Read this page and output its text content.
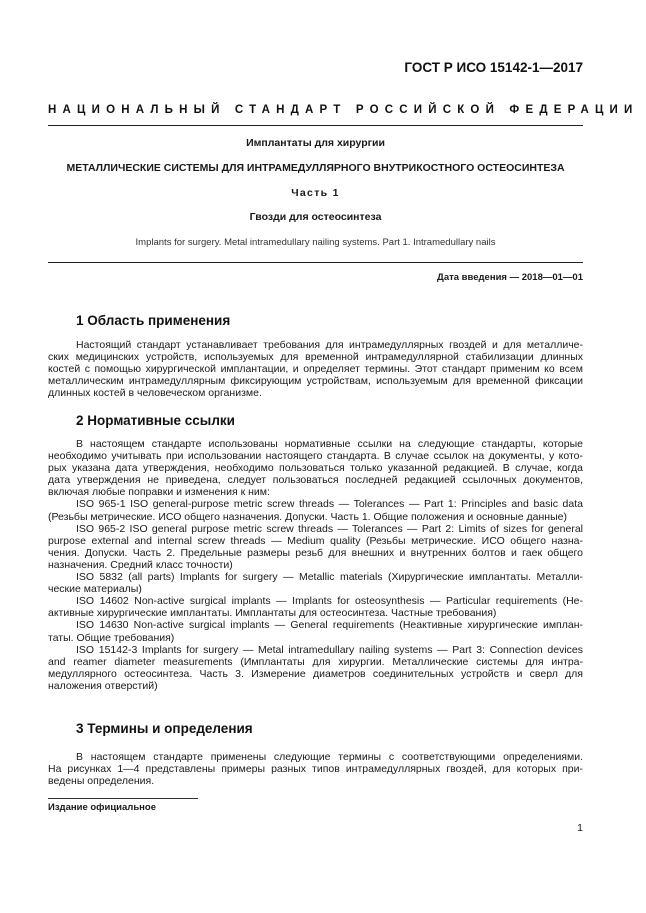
ГОСТ Р ИСО 15142-1—2017
НАЦИОНАЛЬНЫЙ СТАНДАРТ РОССИЙСКОЙ ФЕДЕРАЦИИ
Имплантаты для хирургии
МЕТАЛЛИЧЕСКИЕ СИСТЕМЫ ДЛЯ ИНТРАМЕДУЛЛЯРНОГО ВНУТРИКОСТНОГО ОСТЕОСИНТЕЗА
Часть 1
Гвозди для остеосинтеза
Implants for surgery. Metal intramedullary nailing systems. Part 1. Intramedullary nails
Дата введения — 2018—01—01
1 Область применения
Настоящий стандарт устанавливает требования для интрамедуллярных гвоздей и для металличе-
ских медицинских устройств, используемых для временной интрамедуллярной стабилизации длинных
костей с помощью хирургической имплантации, и определяет термины. Этот стандарт применим ко всем
металлическим интрамедуллярным фиксирующим устройствам, используемым для временной фиксации
длинных костей в человеческом организме.
2 Нормативные ссылки
В настоящем стандарте использованы нормативные ссылки на следующие стандарты, которые
необходимо учитывать при использовании настоящего стандарта. В случае ссылок на документы, у кото-
рых указана дата утверждения, необходимо пользоваться только указанной редакцией. В случае, когда
дата утверждения не приведена, следует пользоваться последней редакцией ссылочных документов,
включая любые поправки и изменения к ним:
ISO 965-1 ISO general-purpose metric screw threads — Tolerances — Part 1: Principles and basic data
(Резьбы метрические. ИСО общего назначения. Допуски. Часть 1. Общие положения и основные данные)
ISO 965-2 ISO general purpose metric screw threads — Tolerances — Part 2: Limits of sizes for general
purpose external and internal screw threads — Medium quality (Резьбы метрические. ИСО общего назна-
чения. Допуски. Часть 2. Предельные размеры резьб для внешних и внутренних болтов и гаек общего
назначения. Средний класс точности)
ISO 5832 (all parts) Implants for surgery — Metallic materials (Хирургические имплантаты. Металли-
ческие материалы)
ISO 14602 Non-active surgical implants — Implants for osteosynthesis — Particular requirements (Не-
активные хирургические имплантаты. Имплантаты для остеосинтеза. Частные требования)
ISO 14630 Non-active surgical implants — General requirements (Неактивные хирургические имплан-
таты. Общие требования)
ISO 15142-3 Implants for surgery — Metal intramedullary nailing systems — Part 3: Connection devices
and reamer diameter measurements (Имплантаты для хирургии. Металлические системы для интра-
медуллярного остеосинтеза. Часть 3. Измерение диаметров соединительных устройств и сверл для
наложения отверстий)
3 Термины и определения
В настоящем стандарте применены следующие термины с соответствующими определениями.
На рисунках 1—4 представлены примеры разных типов интрамедуллярных гвоздей, для которых при-
ведены определения.
Издание официальное
1
